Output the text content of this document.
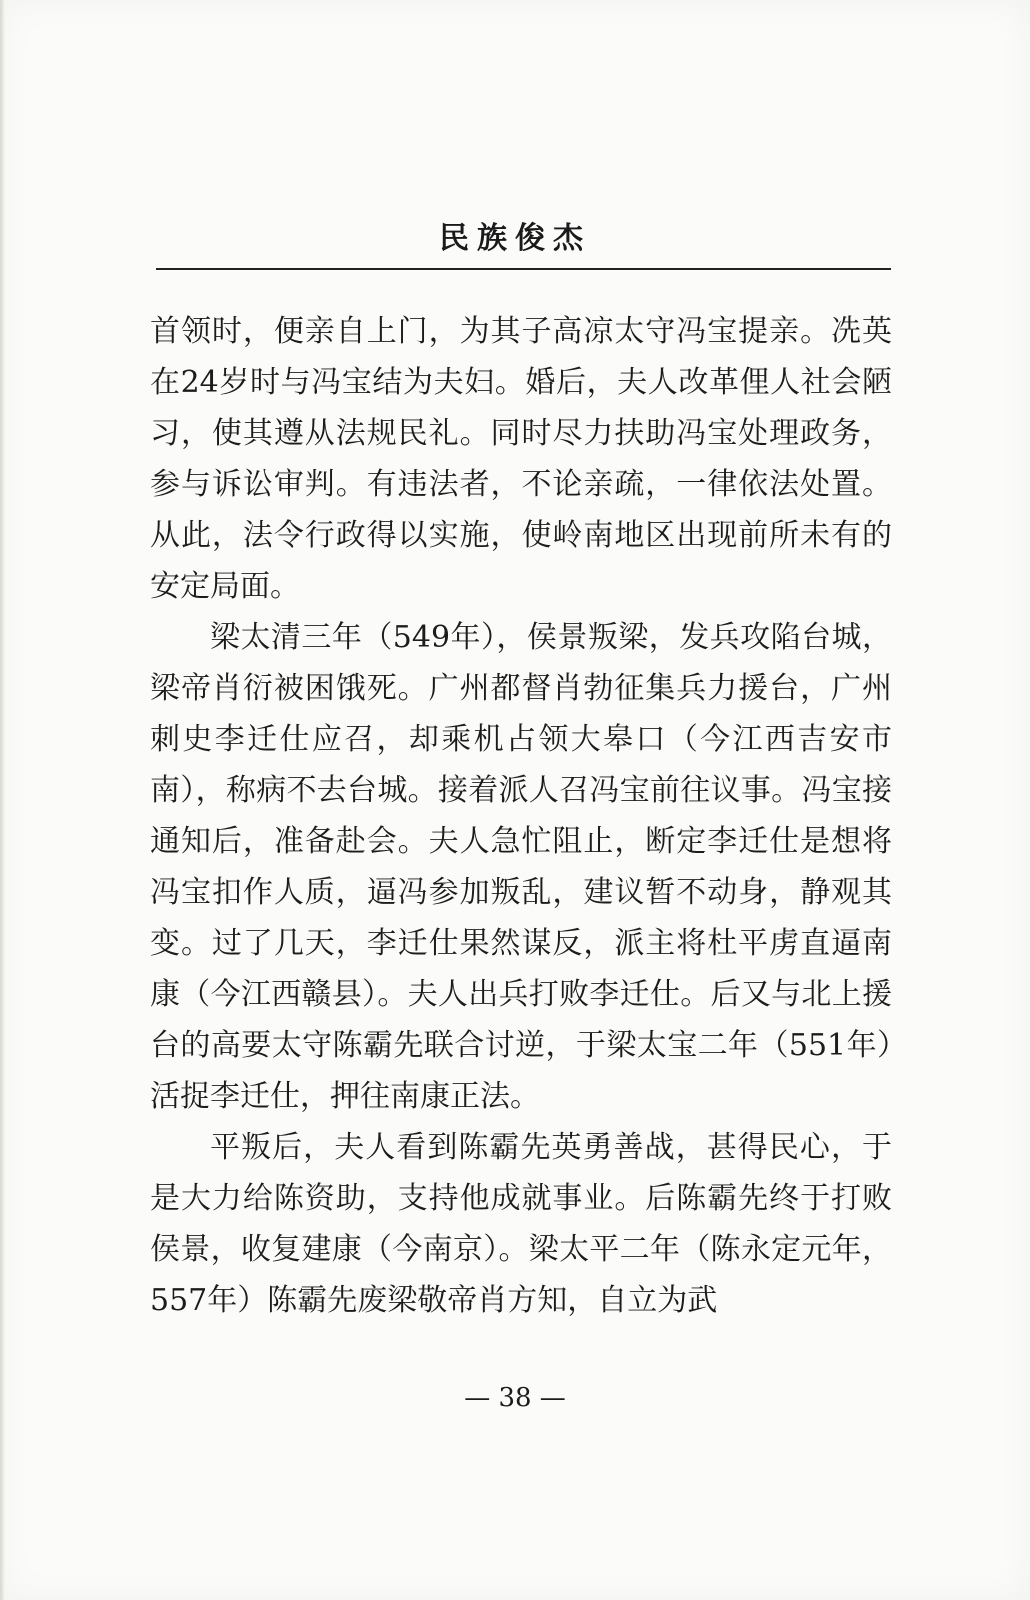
民族俊杰

首领时，便亲自上门，为其子高凉太守冯宝提亲。冼英在24岁时与冯宝结为夫妇。婚后，夫人改革俚人社会陋习，使其遵从法规民礼。同时尽力扶助冯宝处理政务，参与诉讼审判。有违法者，不论亲疏，一律依法处置。从此，法令行政得以实施，使岭南地区出现前所未有的安定局面。

梁太清三年（549年），侯景叛梁，发兵攻陷台城，梁帝肖衍被困饿死。广州都督肖勃征集兵力援台，广州刺史李迁仕应召，却乘机占领大皋口（今江西吉安市南），称病不去台城。接着派人召冯宝前往议事。冯宝接通知后，准备赴会。夫人急忙阻止，断定李迁仕是想将冯宝扣作人质，逼冯参加叛乱，建议暂不动身，静观其变。过了几天，李迁仕果然谋反，派主将杜平虏直逼南康（今江西赣县）。夫人出兵打败李迁仕。后又与北上援台的高要太守陈霸先联合讨逆，于梁太宝二年（551年）活捉李迁仕，押往南康正法。

平叛后，夫人看到陈霸先英勇善战，甚得民心，于是大力给陈资助，支持他成就事业。后陈霸先终于打败侯景，收复建康（今南京）。梁太平二年（陈永定元年，557年）陈霸先废梁敬帝肖方知，自立为武

— 38 —
